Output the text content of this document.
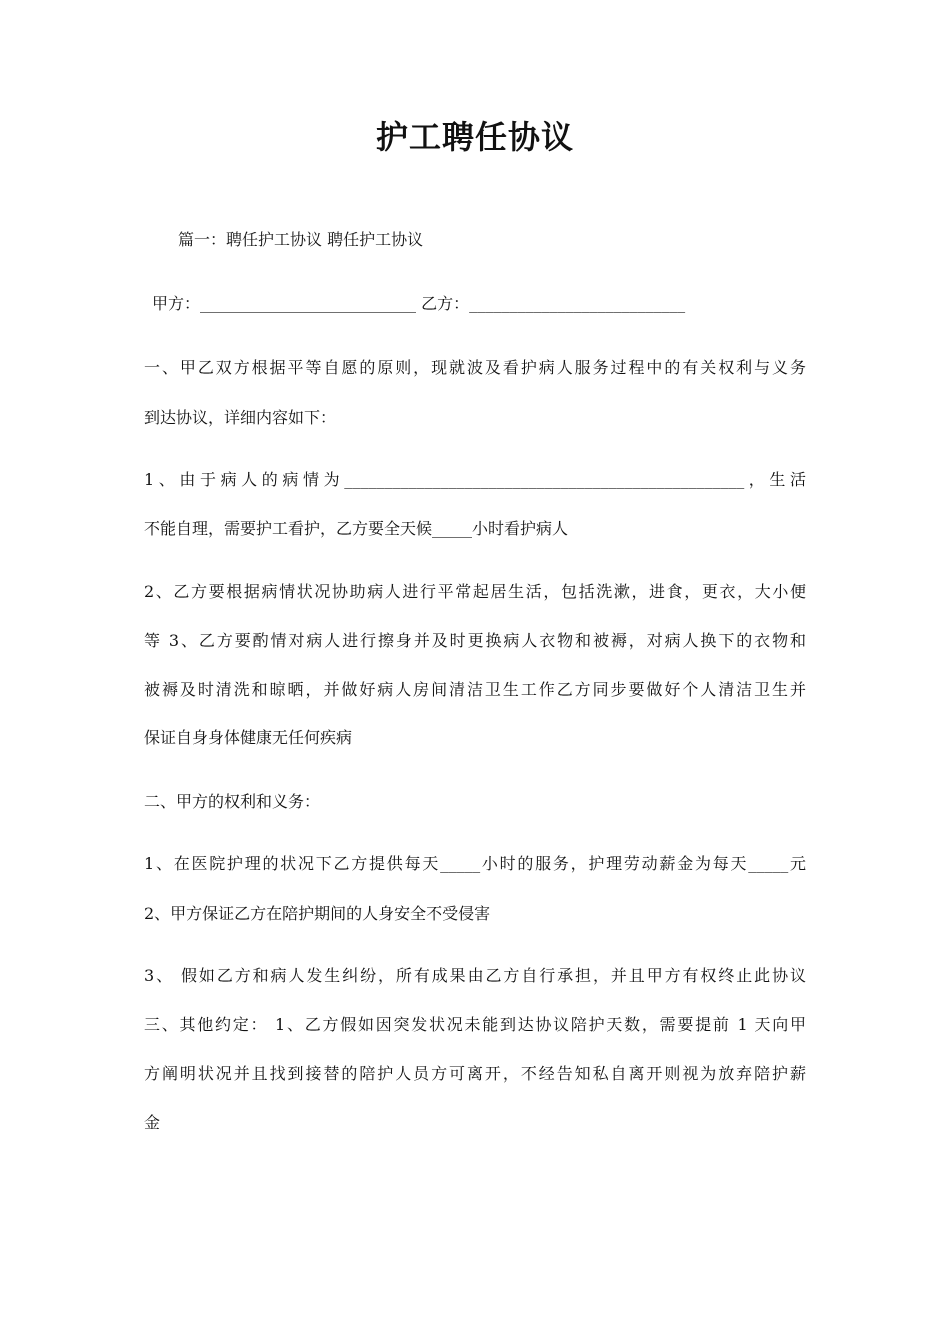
护工聘任协议
篇一：聘任护工协议 聘任护工协议
甲方：___________________________ 乙方：___________________________
一、甲乙双方根据平等自愿的原则，现就波及看护病人服务过程中的有关权利与义务
到达协议，详细内容如下：
1、由于病人的病情为__________________________________________________，生活
不能自理，需要护工看护，乙方要全天候_____小时看护病人
2、乙方要根据病情状况协助病人进行平常起居生活，包括洗漱，进食，更衣，大小便
等 3、乙方要酌情对病人进行擦身并及时更换病人衣物和被褥，对病人换下的衣物和
被褥及时清洗和晾晒，并做好病人房间清洁卫生工作乙方同步要做好个人清洁卫生并
保证自身身体健康无任何疾病
二、甲方的权利和义务：
1、在医院护理的状况下乙方提供每天_____小时的服务，护理劳动薪金为每天_____元
2、甲方保证乙方在陪护期间的人身安全不受侵害
3、 假如乙方和病人发生纠纷，所有成果由乙方自行承担，并且甲方有权终止此协议
三、其他约定： 1、乙方假如因突发状况未能到达协议陪护天数，需要提前 1 天向甲
方阐明状况并且找到接替的陪护人员方可离开，不经告知私自离开则视为放弃陪护薪
金
